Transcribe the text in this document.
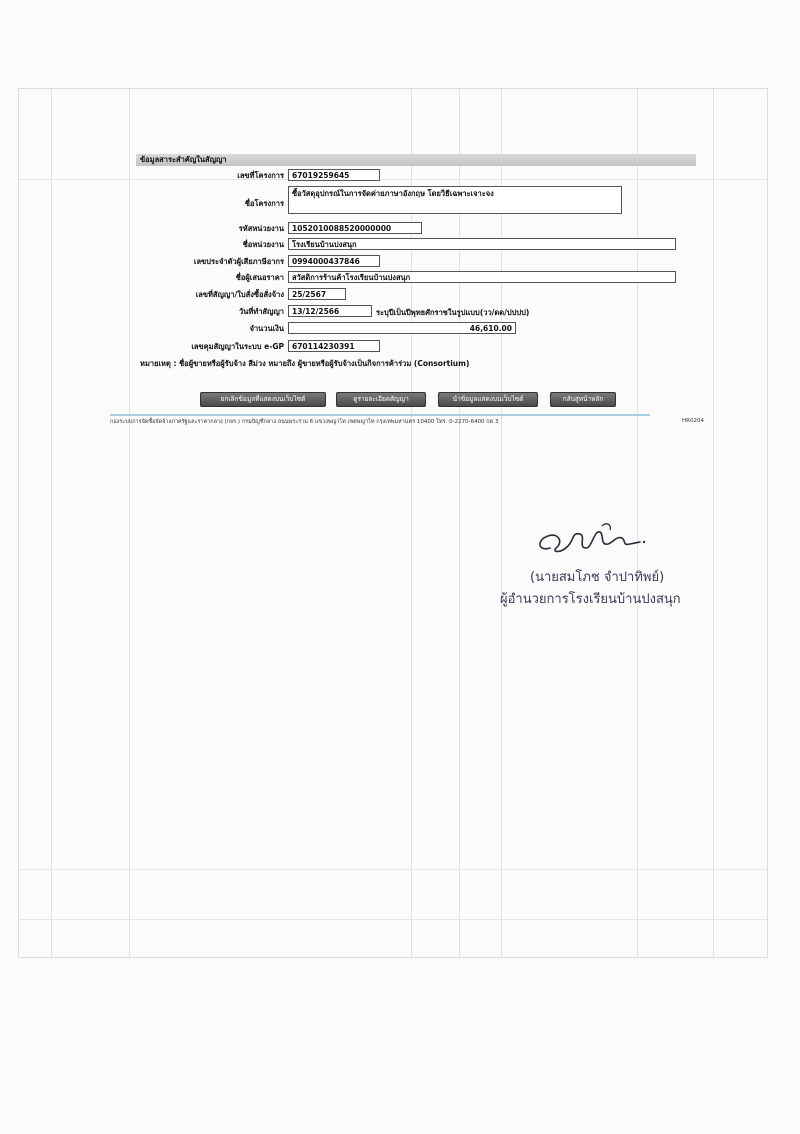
ข้อมูลสาระสำคัญในสัญญา
เลขที่โครงการ	67019259645
ชื่อโครงการ
ซื้อวัสดุอุปกรณ์ในการจัดค่ายภาษาอังกฤษ โดยวิธีเฉพาะเจาะจง
รหัสหน่วยงาน	1052010088520000000
ชื่อหน่วยงาน	โรงเรียนบ้านปงสนุก
เลขประจำตัวผู้เสียภาษีอากร	0994000437846
ชื่อผู้เสนอราคา	สวัสดิการร้านค้าโรงเรียนบ้านปงสนุก
เลขที่สัญญา/ใบสั่งซื้อสั่งจ้าง	25/2567
วันที่ทำสัญญา	13/12/2566	ระบุปีเป็นปีพุทธศักราชในรูปแบบ(วว/ดด/ปปปป)
จำนวนเงิน	46,610.00
เลขคุมสัญญาในระบบ e-GP	670114230391
หมายเหตุ : ชื่อผู้ขายหรือผู้รับจ้าง สีม่วง หมายถึง ผู้ขายหรือผู้รับจ้างเป็นกิจการค้าร่วม (Consortium)
ยกเลิกข้อมูลที่แสดงบนเว็บไซต์	ดูรายละเอียดสัญญา	นำข้อมูลแสดงบนเว็บไซต์	กลับสู่หน้าหลัก
กองระบบการจัดซื้อจัดจ้างภาครัฐและราคากลาง (กจร.) กรมบัญชีกลาง ถนนพระราม 6 แขวงพญาไท เขตพญาไท กรุงเทพมหานคร 10400 โทร. 0-2270-6400 กด 3	HR0204
(นายสมโภช จำปาทิพย์)
ผู้อำนวยการโรงเรียนบ้านปงสนุก
